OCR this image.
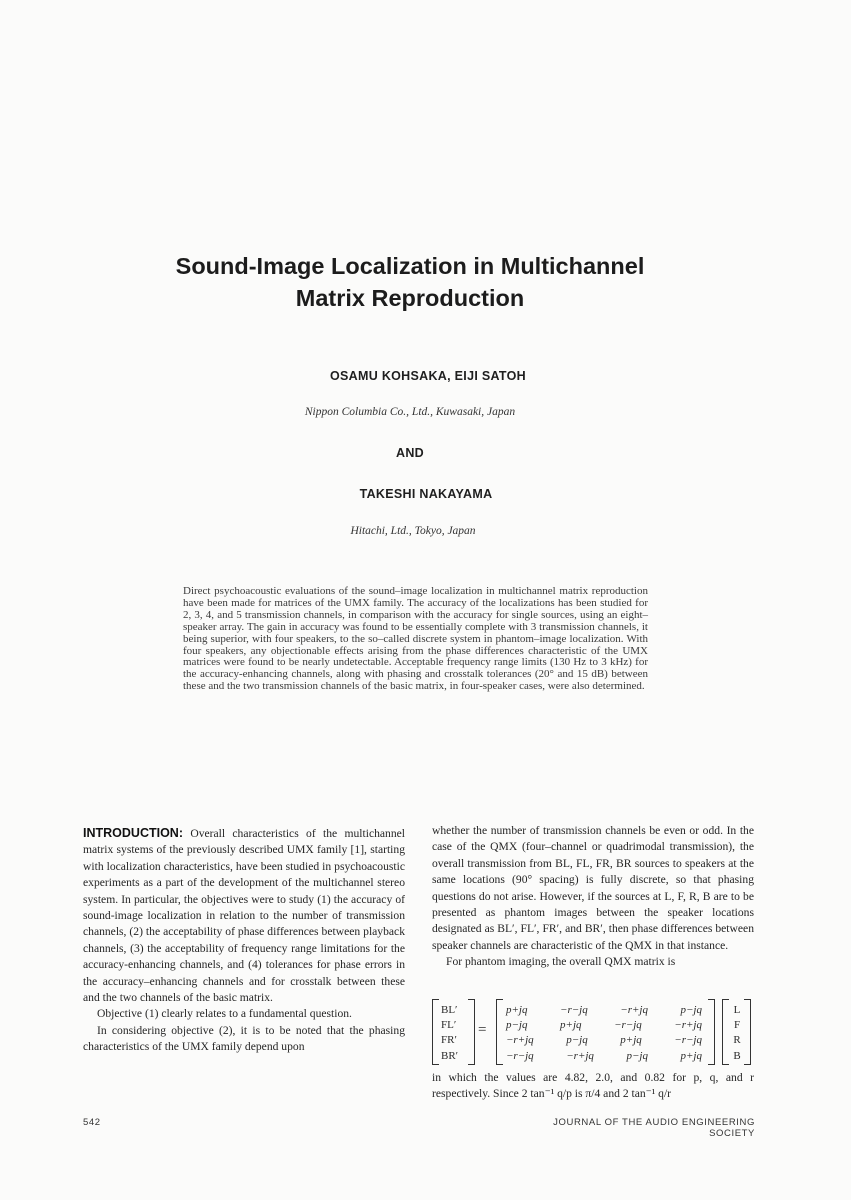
Sound-Image Localization in Multichannel
Matrix Reproduction
OSAMU KOHSAKA, EIJI SATOH
Nippon Columbia Co., Ltd., Kuwasaki, Japan
AND
TAKESHI NAKAYAMA
Hitachi, Ltd., Tokyo, Japan
Direct psychoacoustic evaluations of the sound–image localization in multichannel matrix reproduction have been made for matrices of the UMX family. The accuracy of the localizations has been studied for 2, 3, 4, and 5 transmission channels, in comparison with the accuracy for single sources, using an eight–speaker array. The gain in accuracy was found to be essentially complete with 3 transmission channels, it being superior, with four speakers, to the so–called discrete system in phantom–image localization. With four speakers, any objectionable effects arising from the phase differences characteristic of the UMX matrices were found to be nearly undetectable. Acceptable frequency range limits (130 Hz to 3 kHz) for the accuracy-enhancing channels, along with phasing and crosstalk tolerances (20° and 15 dB) between these and the two transmission channels of the basic matrix, in four-speaker cases, were also determined.

INTRODUCTION: Overall characteristics of the multichannel matrix systems of the previously described UMX family [1], starting with localization characteristics, have been studied in psychoacoustic experiments as a part of the development of the multichannel stereo system. In particular, the objectives were to study (1) the accuracy of sound-image localization in relation to the number of transmission channels, (2) the acceptability of phase differences between playback channels, (3) the acceptability of frequency range limitations for the accuracy-enhancing channels, and (4) tolerances for phase errors in the accuracy–enhancing channels and for crosstalk between these and the two channels of the basic matrix.

Objective (1) clearly relates to a fundamental question.

In considering objective (2), it is to be noted that the phasing characteristics of the UMX family depend upon

whether the number of transmission channels be even or odd. In the case of the QMX (four–channel or quadrimodal transmission), the overall transmission from BL, FL, FR, BR sources to speakers at the same locations (90° spacing) is fully discrete, so that phasing questions do not arise. However, if the sources at L, F, R, B are to be presented as phantom images between the speaker locations designated as BL′, FL′, FR′, and BR′, then phase differences between speaker channels are characteristic of the QMX in that instance.

For phantom imaging, the overall QMX matrix is

BL′
FL′
FR′
BR′
=
p+jq	−r−jq	−r+jq	p−jq
p−jq	p+jq	−r−jq	−r+jq
−r+jq	p−jq	p+jq	−r−jq
−r−jq	−r+jq	p−jq	p+jq
L
F
R
B
in which the values are 4.82, 2.0, and 0.82 for p, q, and r respectively. Since 2 tan⁻¹ q/p is π/4 and 2 tan⁻¹ q/r
542	JOURNAL OF THE AUDIO ENGINEERING SOCIETY
